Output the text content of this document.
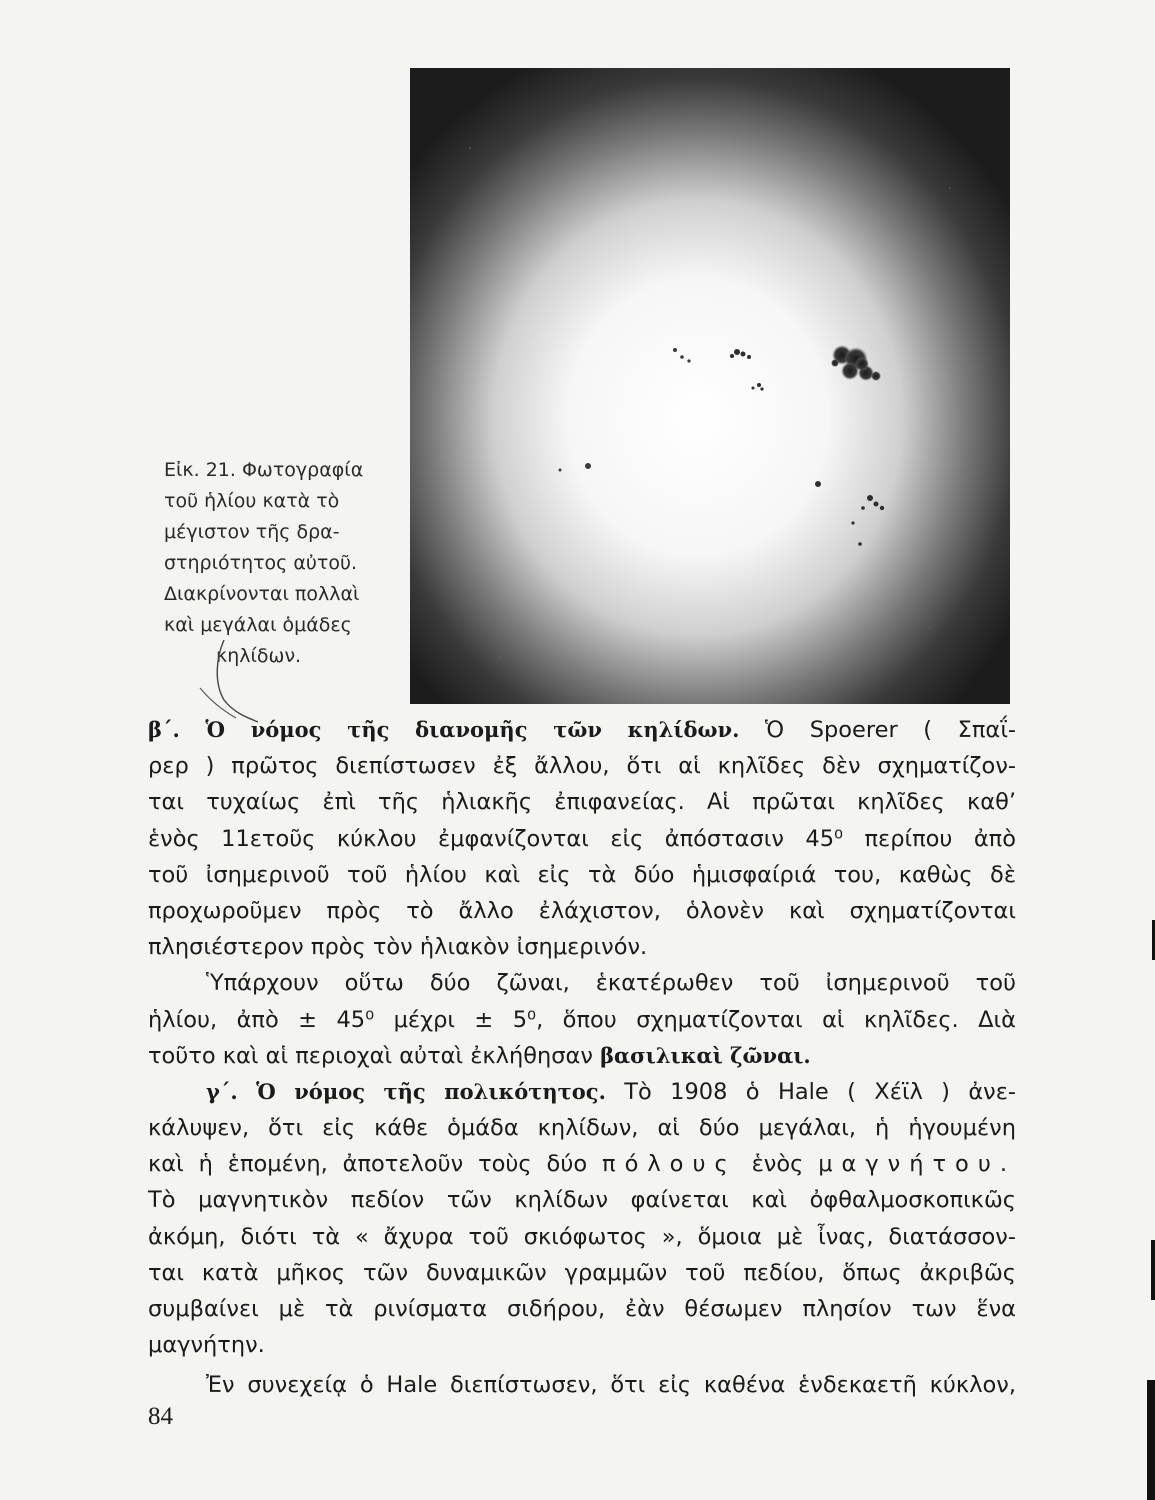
Εἰκ. 21. Φωτογραφία
τοῦ ἡλίου κατὰ τὸ
μέγιστον τῆς δρα-
στηριότητος αὐτοῦ.
Διακρίνονται πολλαὶ
καὶ μεγάλαι ὁμάδες
κηλίδων.
β΄. Ὁ νόμος τῆς διανομῆς τῶν κηλίδων. Ὁ Spoerer ( Σπαΐ-
ρερ ) πρῶτος διεπίστωσεν ἐξ ἄλλου, ὅτι αἱ κηλῖδες δὲν σχηματίζον-
ται τυχαίως ἐπὶ τῆς ἡλιακῆς ἐπιφανείας. Αἱ πρῶται κηλῖδες καθ’
ἑνὸς 11ετοῦς κύκλου ἐμφανίζονται εἰς ἀπόστασιν 45⁰ περίπου ἀπὸ
τοῦ ἰσημερινοῦ τοῦ ἡλίου καὶ εἰς τὰ δύο ἡμισφαίριά του, καθὼς δὲ
προχωροῦμεν πρὸς τὸ ἄλλο ἐλάχιστον, ὁλονὲν καὶ σχηματίζονται
πλησιέστερον πρὸς τὸν ἡλιακὸν ἰσημερινόν.
Ὑπάρχουν οὕτω δύο ζῶναι, ἑκατέρωθεν τοῦ ἰσημερινοῦ τοῦ
ἡλίου, ἀπὸ ± 45⁰ μέχρι ± 5⁰, ὅπου σχηματίζονται αἱ κηλῖδες. Διὰ
τοῦτο καὶ αἱ περιοχαὶ αὐταὶ ἐκλήθησαν βασιλικαὶ ζῶναι.
γ΄. Ὁ νόμος τῆς πολικότητος. Τὸ 1908 ὁ Hale ( Χέϊλ ) ἀνε-
κάλυψεν, ὅτι εἰς κάθε ὁμάδα κηλίδων, αἱ δύο μεγάλαι, ἡ ἡγουμένη
καὶ ἡ ἑπομένη, ἀποτελοῦν τοὺς δύο πόλους ἑνὸς μαγνήτου.
Τὸ μαγνητικὸν πεδίον τῶν κηλίδων φαίνεται καὶ ὀφθαλμοσκοπικῶς
ἀκόμη, διότι τὰ « ἄχυρα τοῦ σκιόφωτος », ὅμοια μὲ ἶνας, διατάσσον-
ται κατὰ μῆκος τῶν δυναμικῶν γραμμῶν τοῦ πεδίου, ὅπως ἀκριβῶς
συμβαίνει μὲ τὰ ρινίσματα σιδήρου, ἐὰν θέσωμεν πλησίον των ἕνα
μαγνήτην.
Ἐν συνεχείᾳ ὁ Hale διεπίστωσεν, ὅτι εἰς καθένα ἑνδεκαετῆ κύκλον,
84
